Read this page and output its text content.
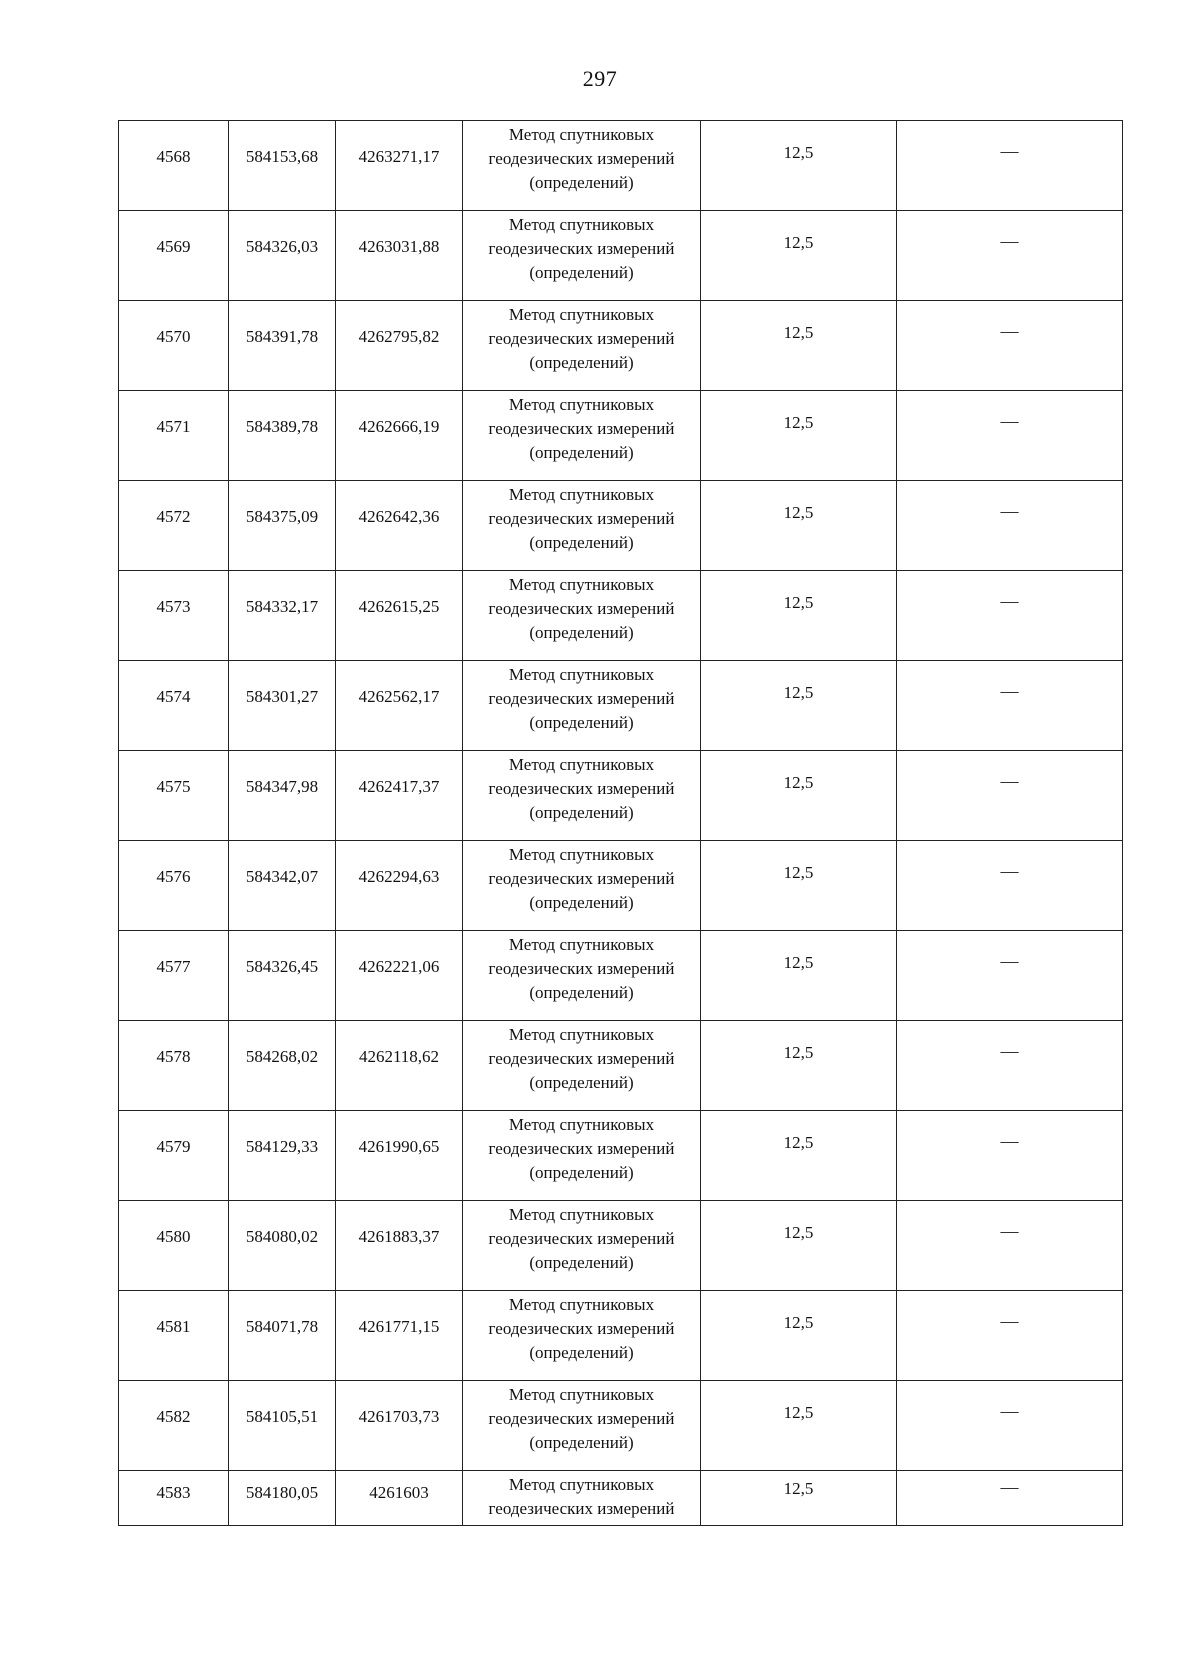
297
4568	584153,68	4263271,17	Метод спутниковых геодезических измерений (определений)	12,5	—

4569	584326,03	4263031,88	Метод спутниковых геодезических измерений (определений)	12,5	—

4570	584391,78	4262795,82	Метод спутниковых геодезических измерений (определений)	12,5	—

4571	584389,78	4262666,19	Метод спутниковых геодезических измерений (определений)	12,5	—

4572	584375,09	4262642,36	Метод спутниковых геодезических измерений (определений)	12,5	—

4573	584332,17	4262615,25	Метод спутниковых геодезических измерений (определений)	12,5	—

4574	584301,27	4262562,17	Метод спутниковых геодезических измерений (определений)	12,5	—

4575	584347,98	4262417,37	Метод спутниковых геодезических измерений (определений)	12,5	—

4576	584342,07	4262294,63	Метод спутниковых геодезических измерений (определений)	12,5	—

4577	584326,45	4262221,06	Метод спутниковых геодезических измерений (определений)	12,5	—

4578	584268,02	4262118,62	Метод спутниковых геодезических измерений (определений)	12,5	—

4579	584129,33	4261990,65	Метод спутниковых геодезических измерений (определений)	12,5	—

4580	584080,02	4261883,37	Метод спутниковых геодезических измерений (определений)	12,5	—

4581	584071,78	4261771,15	Метод спутниковых геодезических измерений (определений)	12,5	—

4582	584105,51	4261703,73	Метод спутниковых геодезических измерений (определений)	12,5	—

4583	584180,05	4261603	Метод спутниковых геодезических измерений	12,5	—
